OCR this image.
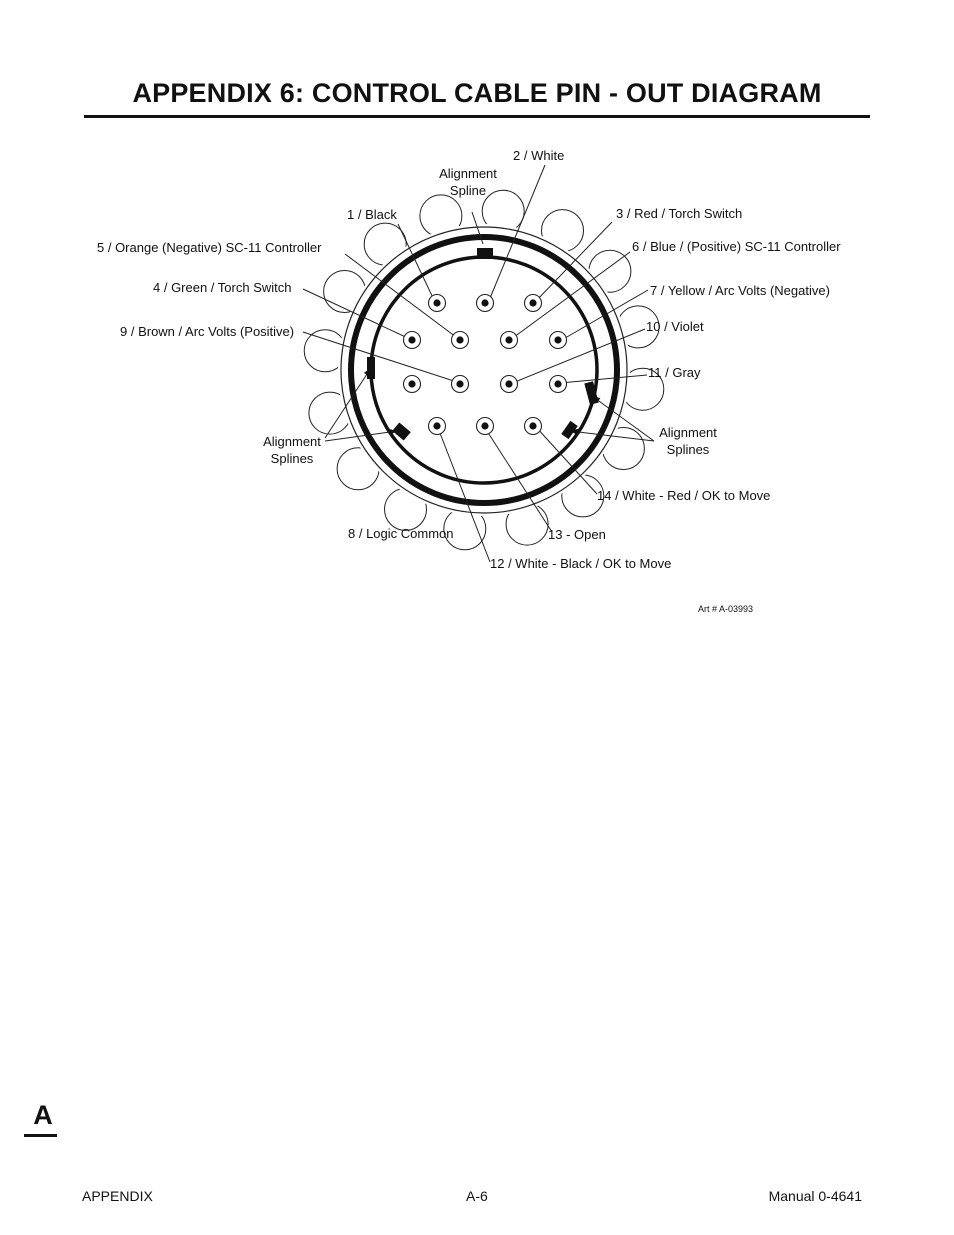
APPENDIX 6: CONTROL CABLE PIN - OUT DIAGRAM
2 / White
Alignment
Spline
1 / Black	3 / Red / Torch Switch
5 / Orange (Negative) SC-11 Controller	6 / Blue / (Positive) SC-11 Controller
4 / Green / Torch Switch	7 / Yellow / Arc Volts (Negative)
9 / Brown / Arc Volts (Positive)	10 / Violet
11 / Gray
Alignment
Splines
Alignment
Splines
14 / White - Red / OK to Move
8 / Logic Common	13 - Open
12 / White - Black / OK to Move
Art # A-03993
A
APPENDIX	A-6	Manual 0-4641
